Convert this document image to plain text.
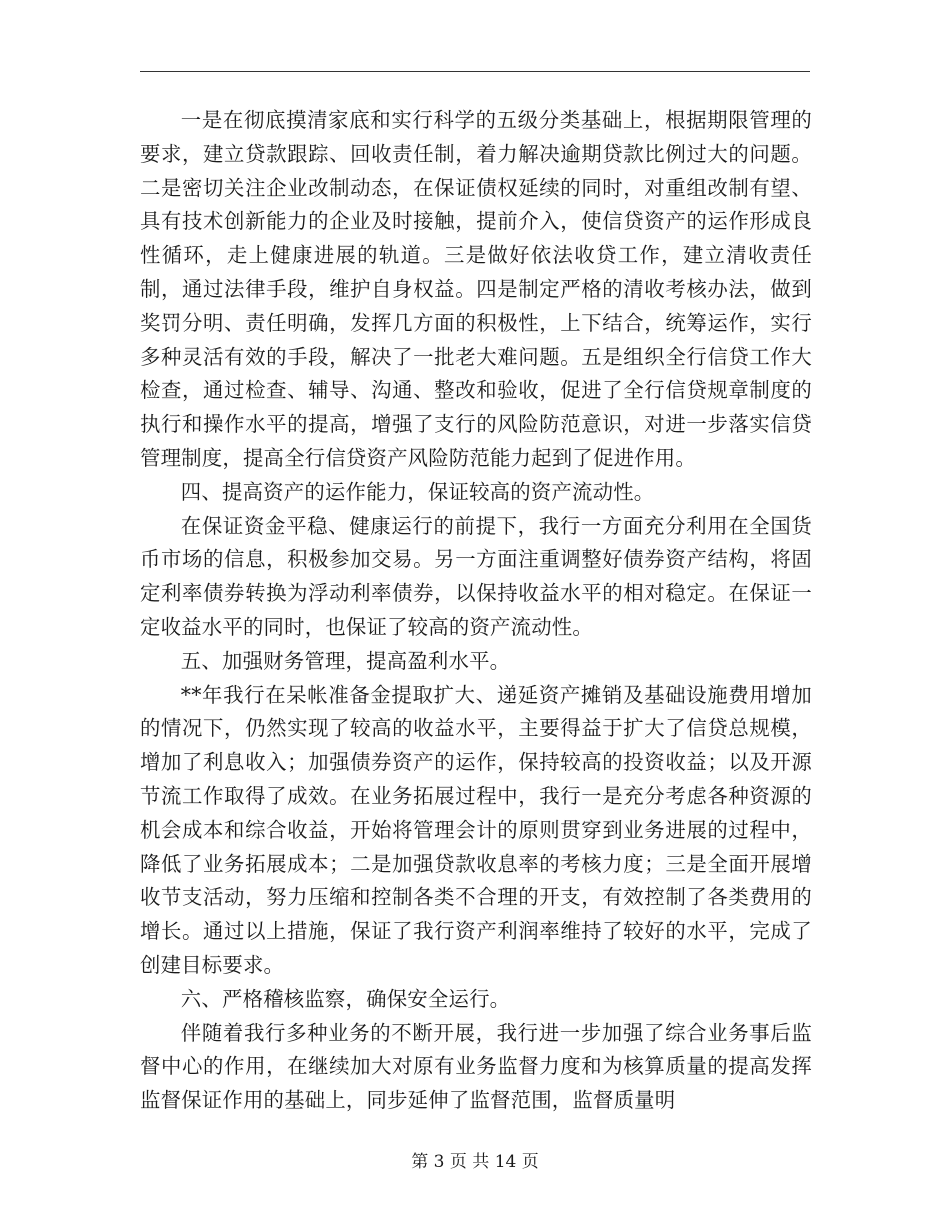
一是在彻底摸清家底和实行科学的五级分类基础上，根据期限管理的要求，建立贷款跟踪、回收责任制，着力解决逾期贷款比例过大的问题。二是密切关注企业改制动态，在保证债权延续的同时，对重组改制有望、具有技术创新能力的企业及时接触，提前介入，使信贷资产的运作形成良性循环，走上健康进展的轨道。三是做好依法收贷工作，建立清收责任制，通过法律手段，维护自身权益。四是制定严格的清收考核办法，做到奖罚分明、责任明确，发挥几方面的积极性，上下结合，统筹运作，实行多种灵活有效的手段，解决了一批老大难问题。五是组织全行信贷工作大检查，通过检查、辅导、沟通、整改和验收，促进了全行信贷规章制度的执行和操作水平的提高，增强了支行的风险防范意识，对进一步落实信贷管理制度，提高全行信贷资产风险防范能力起到了促进作用。

四、提高资产的运作能力，保证较高的资产流动性。

在保证资金平稳、健康运行的前提下，我行一方面充分利用在全国货币市场的信息，积极参加交易。另一方面注重调整好债券资产结构，将固定利率债券转换为浮动利率债券，以保持收益水平的相对稳定。在保证一定收益水平的同时，也保证了较高的资产流动性。

五、加强财务管理，提高盈利水平。

**年我行在呆帐准备金提取扩大、递延资产摊销及基础设施费用增加的情况下，仍然实现了较高的收益水平，主要得益于扩大了信贷总规模，增加了利息收入；加强债券资产的运作，保持较高的投资收益；以及开源节流工作取得了成效。在业务拓展过程中，我行一是充分考虑各种资源的机会成本和综合收益，开始将管理会计的原则贯穿到业务进展的过程中，降低了业务拓展成本；二是加强贷款收息率的考核力度；三是全面开展增收节支活动，努力压缩和控制各类不合理的开支，有效控制了各类费用的增长。通过以上措施，保证了我行资产利润率维持了较好的水平，完成了创建目标要求。

六、严格稽核监察，确保安全运行。

伴随着我行多种业务的不断开展，我行进一步加强了综合业务事后监督中心的作用，在继续加大对原有业务监督力度和为核算质量的提高发挥监督保证作用的基础上，同步延伸了监督范围，监督质量明

第 3 页 共 14 页
